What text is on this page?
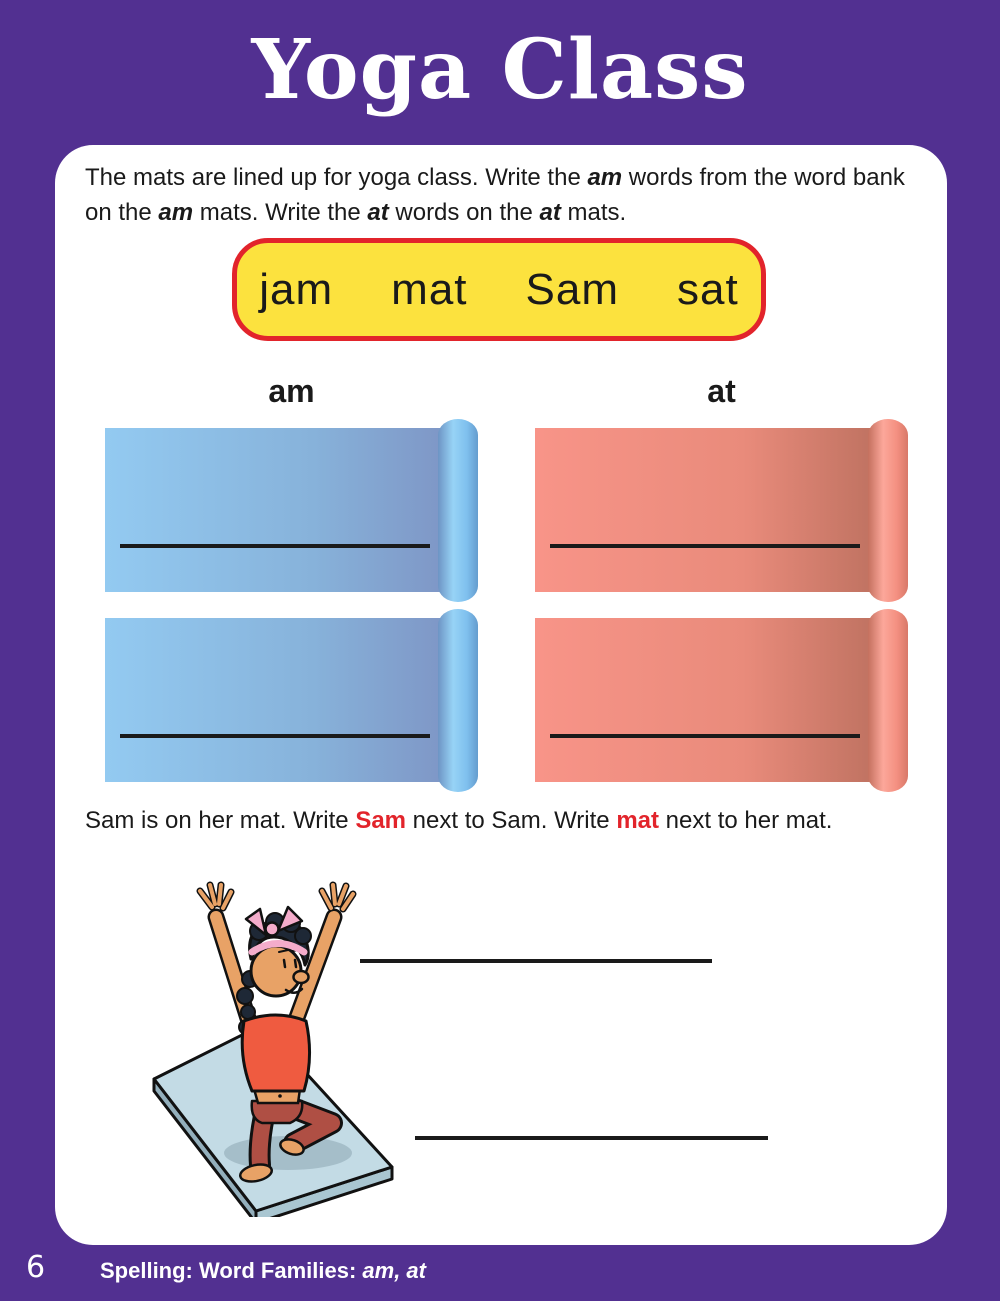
Yoga Class

The mats are lined up for yoga class. Write the am words from the word bank on the am mats. Write the at words on the at mats.

jam mat Sam sat
am	at

Sam is on her mat. Write Sam next to Sam. Write mat next to her mat.

6 Spelling: Word Families: am, at
